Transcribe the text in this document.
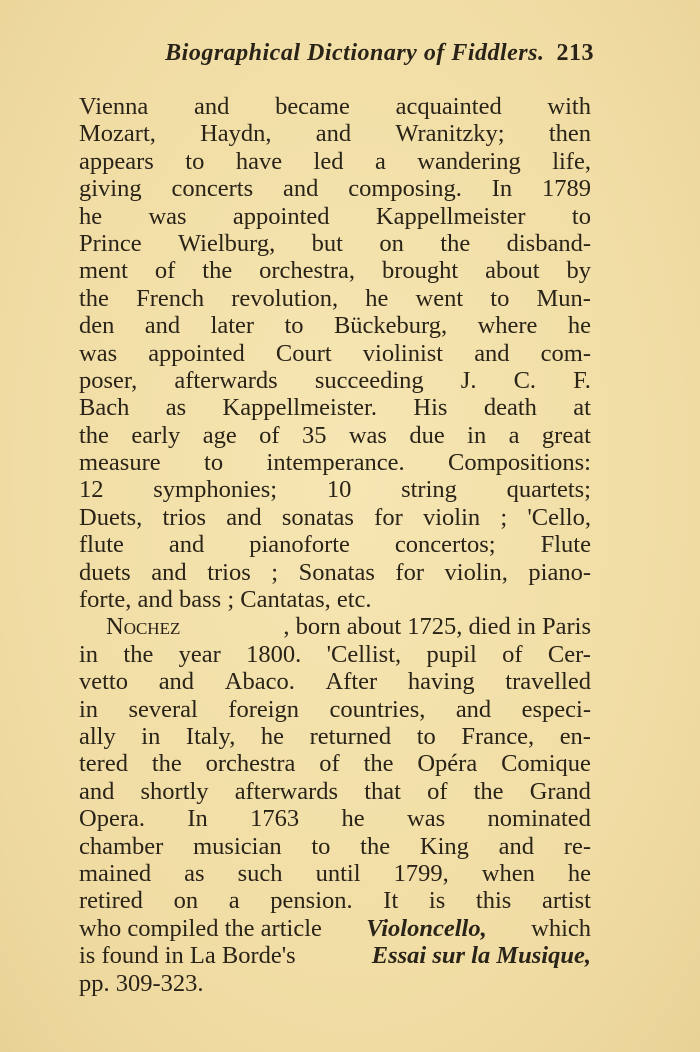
Biographical Dictionary of Fiddlers. 213
Vienna and became acquainted with
Mozart, Haydn, and Wranitzky; then
appears to have led a wandering life,
giving concerts and composing. In 1789
he was appointed Kappellmeister to
Prince Wielburg, but on the disband-
ment of the orchestra, brought about by
the French revolution, he went to Mun-
den and later to Bückeburg, where he
was appointed Court violinist and com-
poser, afterwards succeeding J. C. F.
Bach as Kappellmeister. His death at
the early age of 35 was due in a great
measure to intemperance. Compositions:
12 symphonies; 10 string quartets;
Duets, trios and sonatas for violin ; 'Cello,
flute and pianoforte concertos; Flute
duets and trios ; Sonatas for violin, piano-
forte, and bass ; Cantatas, etc.
Nochez	, born about 1725, died in Paris
in the year 1800. 'Cellist, pupil of Cer-
vetto and Abaco. After having travelled
in several foreign countries, and especi-
ally in Italy, he returned to France, en-
tered the orchestra of the Opéra Comique
and shortly afterwards that of the Grand
Opera. In 1763 he was nominated
chamber musician to the King and re-
mained as such until 1799, when he
retired on a pension. It is this artist
who compiled the article Violoncello, which
is found in La Borde's	Essai sur la Musique,
pp. 309-323.
